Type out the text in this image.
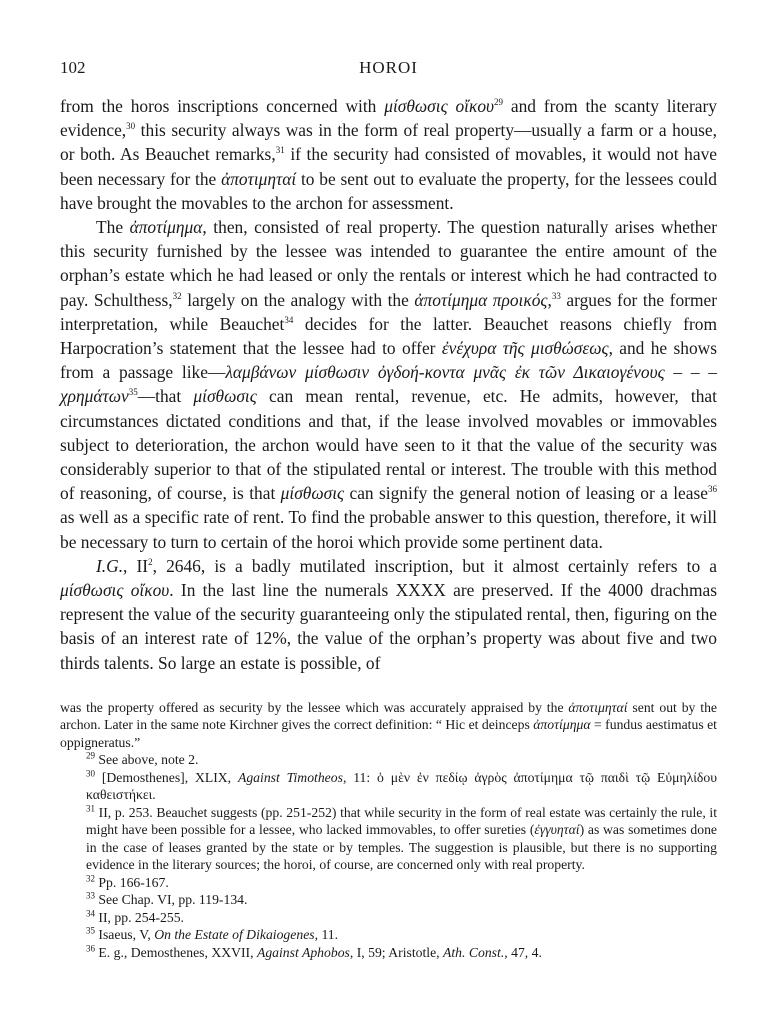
102	HOROI

from the horos inscriptions concerned with μίσθωσις οἴκου$^{29}$ and from the scanty literary evidence,$^{30}$ this security always was in the form of real property—usually a farm or a house, or both. As Beauchet remarks,$^{31}$ if the security had consisted of movables, it would not have been necessary for the ἀποτιμηταί to be sent out to evaluate the property, for the lessees could have brought the movables to the archon for assessment.

The ἀποτίμημα, then, consisted of real property. The question naturally arises whether this security furnished by the lessee was intended to guarantee the entire amount of the orphan’s estate which he had leased or only the rentals or interest which he had contracted to pay. Schulthess,$^{32}$ largely on the analogy with the ἀποτίμημα προικός,$^{33}$ argues for the former interpretation, while Beauchet$^{34}$ decides for the latter. Beauchet reasons chiefly from Harpocration’s statement that the lessee had to offer ἐνέχυρα τῆς μισθώσεως, and he shows from a passage like—λαμβάνων μίσθωσιν ὀγδοή-κοντα μνᾶς ἐκ τῶν Δικαιογένους – – – χρημάτων$^{35}$—that μίσθωσις can mean rental, revenue, etc. He admits, however, that circumstances dictated conditions and that, if the lease involved movables or immovables subject to deterioration, the archon would have seen to it that the value of the security was considerably superior to that of the stipulated rental or interest. The trouble with this method of reasoning, of course, is that μίσθωσις can signify the general notion of leasing or a lease$^{36}$ as well as a specific rate of rent. To find the probable answer to this question, therefore, it will be necessary to turn to certain of the horoi which provide some pertinent data.

I.G., $II^2$, 2646, is a badly mutilated inscription, but it almost certainly refers to a μίσθωσις οἴκου. In the last line the numerals XXXX are preserved. If the 4000 drachmas represent the value of the security guaranteeing only the stipulated rental, then, figuring on the basis of an interest rate of 12%, the value of the orphan’s property was about five and two thirds talents. So large an estate is possible, of

was the property offered as security by the lessee which was accurately appraised by the ἀποτιμηταί sent out by the archon. Later in the same note Kirchner gives the correct definition: “ Hic et deinceps ἀποτίμημα = fundus aestimatus et oppigneratus.”

$^{29}$ See above, note 2.

$^{30}$ [Demosthenes], XLIX, Against Timotheos, 11: ὁ μὲν ἐν πεδίῳ ἀγρὸς ἀποτίμημα τῷ παιδὶ τῷ Εὐμηλίδου καθειστήκει.

$^{31}$ II, p. 253. Beauchet suggests (pp. 251-252) that while security in the form of real estate was certainly the rule, it might have been possible for a lessee, who lacked immovables, to offer sureties (ἐγγυηταί) as was sometimes done in the case of leases granted by the state or by temples. The suggestion is plausible, but there is no supporting evidence in the literary sources; the horoi, of course, are concerned only with real property.

$^{32}$ Pp. 166-167.

$^{33}$ See Chap. VI, pp. 119-134.

$^{34}$ II, pp. 254-255.

$^{35}$ Isaeus, V, On the Estate of Dikaiogenes, 11.

$^{36}$ E. g., Demosthenes, XXVII, Against Aphobos, I, 59; Aristotle, Ath. Const., 47, 4.
